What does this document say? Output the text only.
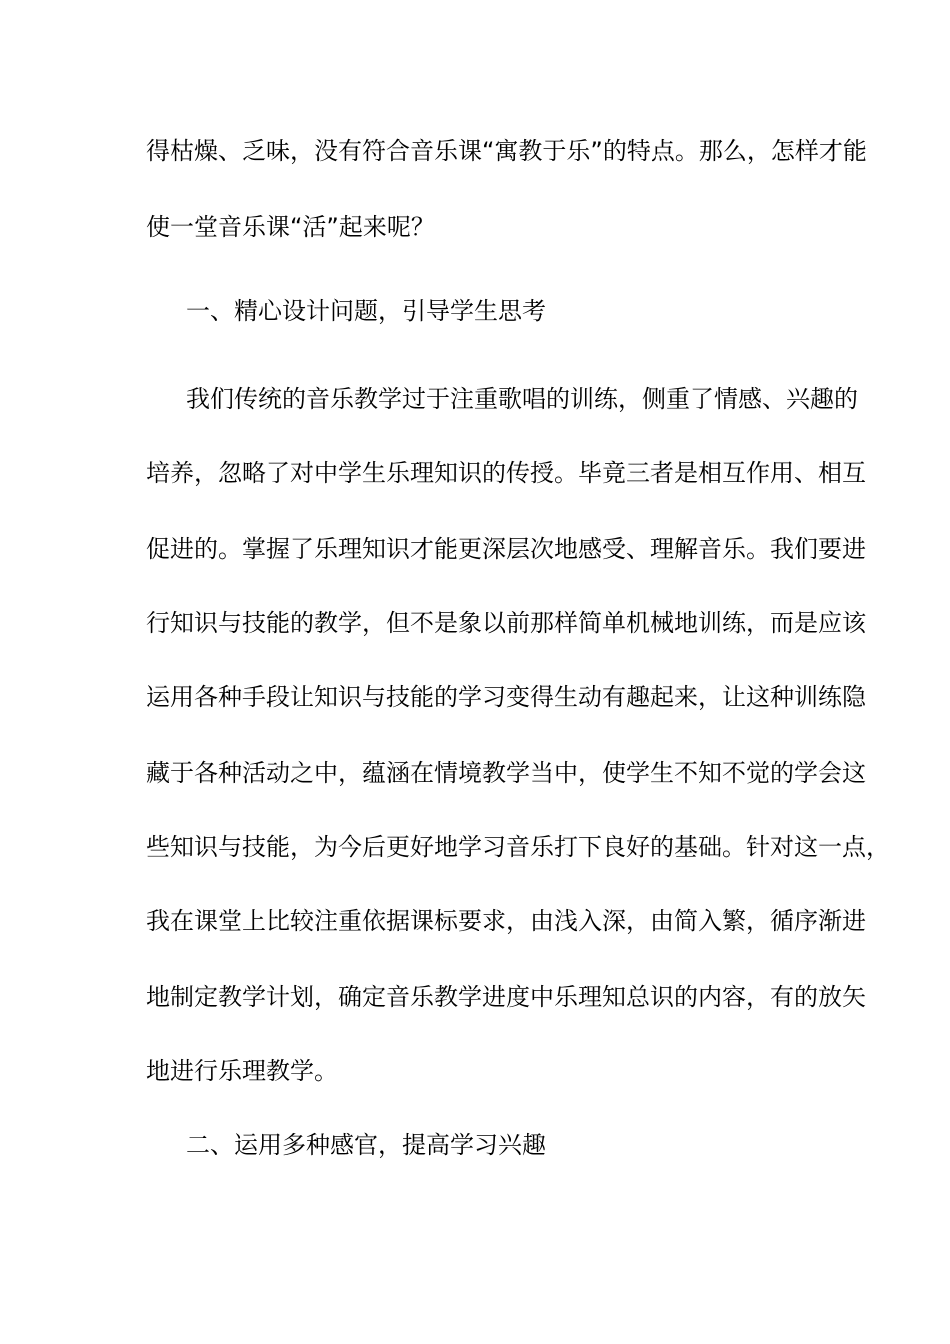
得枯燥、乏味，没有符合音乐课“寓教于乐”的特点。那么，怎样才能
使一堂音乐课“活”起来呢？
一、精心设计问题，引导学生思考
我们传统的音乐教学过于注重歌唱的训练，侧重了情感、兴趣的
培养，忽略了对中学生乐理知识的传授。毕竟三者是相互作用、相互
促进的。掌握了乐理知识才能更深层次地感受、理解音乐。我们要进
行知识与技能的教学，但不是象以前那样简单机械地训练，而是应该
运用各种手段让知识与技能的学习变得生动有趣起来，让这种训练隐
藏于各种活动之中，蕴涵在情境教学当中，使学生不知不觉的学会这
些知识与技能，为今后更好地学习音乐打下良好的基础。针对这一点，
我在课堂上比较注重依据课标要求，由浅入深，由简入繁，循序渐进
地制定教学计划，确定音乐教学进度中乐理知总识的内容，有的放矢
地进行乐理教学。
二、运用多种感官，提高学习兴趣
